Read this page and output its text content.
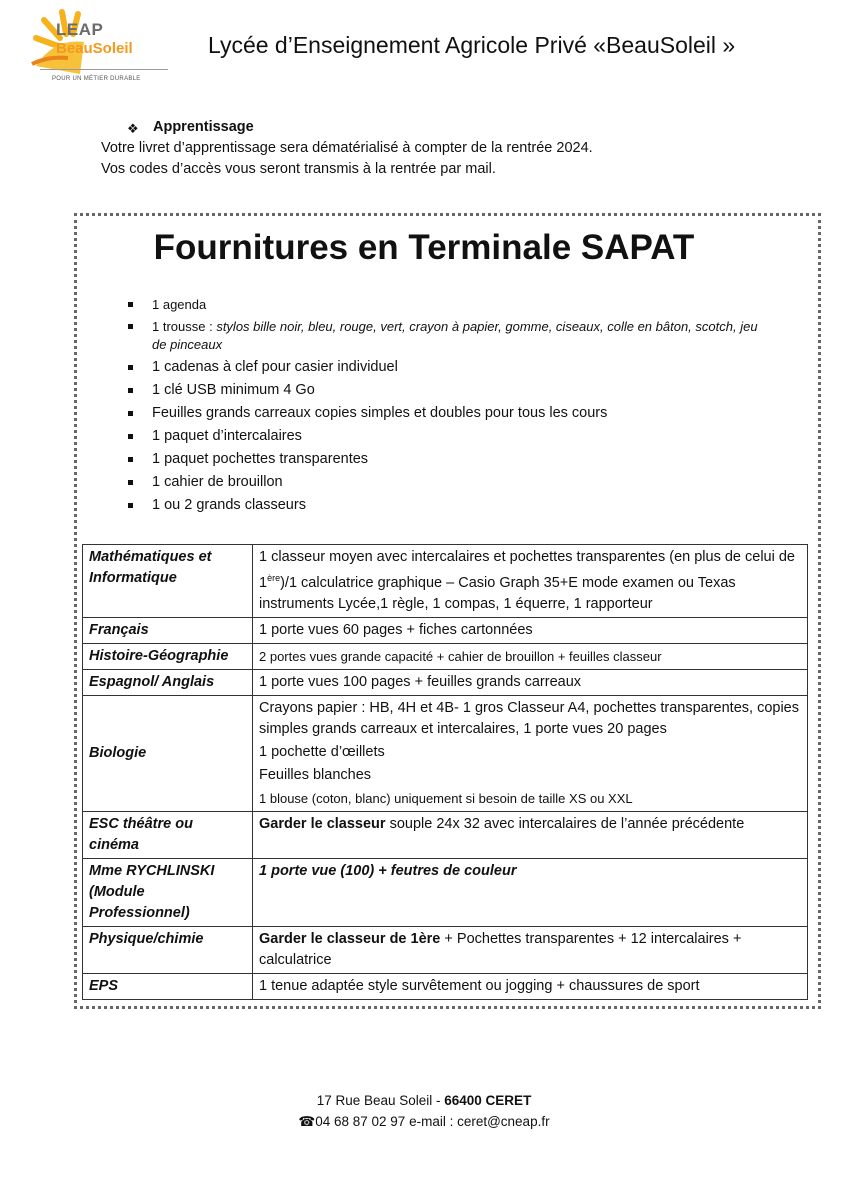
LEAP
BeauSoleil
POUR UN MÉTIER DURABLE
Lycée d’Enseignement Agricole Privé «BeauSoleil »
❖ Apprentissage
Votre livret d’apprentissage sera dématérialisé à compter de la rentrée 2024.
Vos codes d’accès vous seront transmis à la rentrée par mail.
Fournitures en Terminale SAPAT
1 agenda
1 trousse : stylos bille noir, bleu, rouge, vert, crayon à papier, gomme, ciseaux, colle en bâton, scotch, jeu de pinceaux
1 cadenas à clef pour casier individuel
1 clé USB minimum 4 Go
Feuilles grands carreaux copies simples et doubles pour tous les cours
1 paquet d’intercalaires
1 paquet pochettes transparentes
1 cahier de brouillon
1 ou 2 grands classeurs
Mathématiques et Informatique	1 classeur moyen avec intercalaires et pochettes transparentes (en plus de celui de 1ère)/1 calculatrice graphique – Casio Graph 35+E mode examen ou Texas instruments Lycée,1 règle, 1 compas, 1 équerre, 1 rapporteur
Français	1 porte vues 60 pages + fiches cartonnées
Histoire-Géographie	2 portes vues grande capacité + cahier de brouillon + feuilles classeur
Espagnol/ Anglais	1 porte vues 100 pages + feuilles grands carreaux
Biologie	Crayons papier : HB, 4H et 4B- 1 gros Classeur A4, pochettes transparentes, copies simples grands carreaux et intercalaires, 1 porte vues 20 pages

1 pochette d’œillets

Feuilles blanches

1 blouse (coton, blanc) uniquement si besoin de taille XS ou XXL

ESC théâtre ou cinéma	Garder le classeur souple 24x 32 avec intercalaires de l’année précédente
Mme RYCHLINSKI (Module Professionnel)	1 porte vue (100) + feutres de couleur
Physique/chimie	Garder le classeur de 1ère + Pochettes transparentes + 12 intercalaires + calculatrice
EPS	1 tenue adaptée style survêtement ou jogging + chaussures de sport
17 Rue Beau Soleil - 66400 CERET
☎04 68 87 02 97 e-mail : ceret@cneap.fr
